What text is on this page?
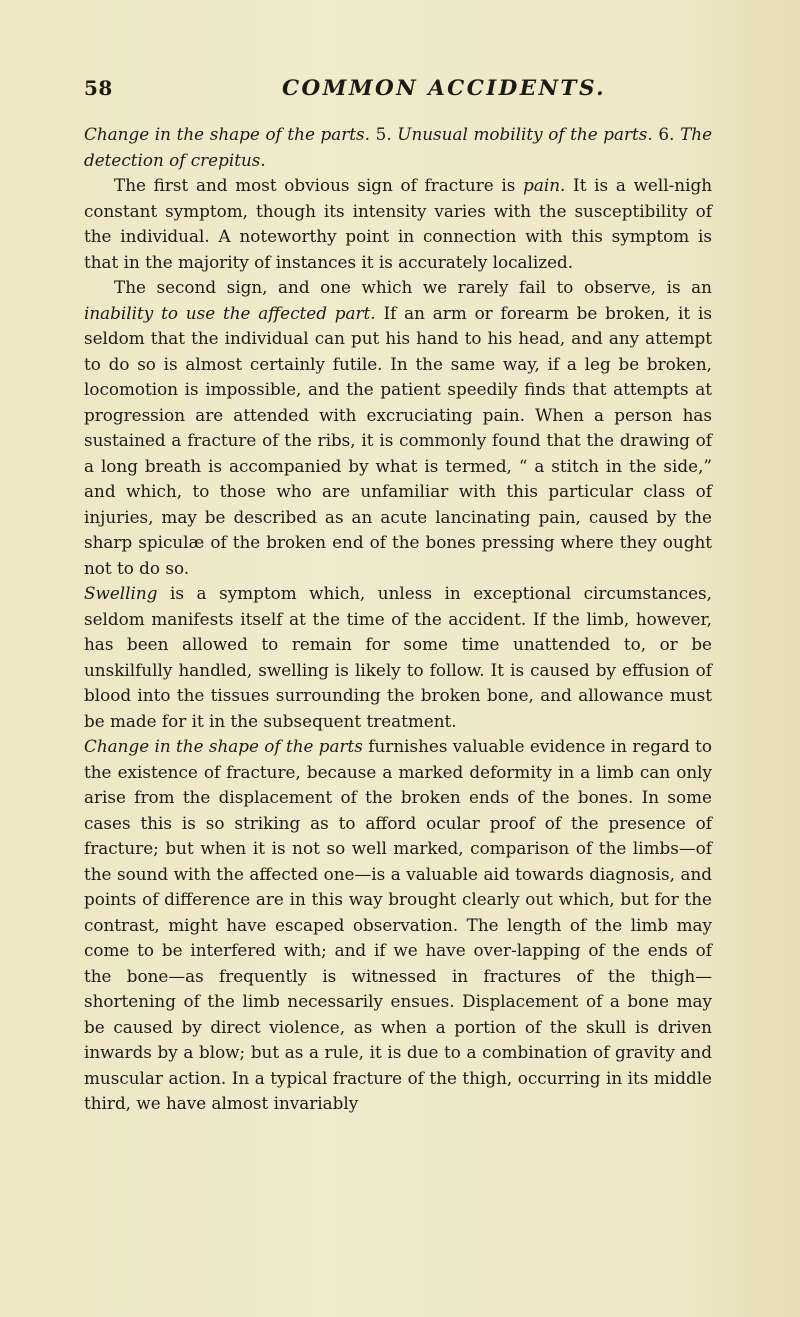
58	COMMON ACCIDENTS.

Change in the shape of the parts. 5. Unusual mobility of the parts. 6. The detection of crepitus.

The first and most obvious sign of fracture is pain. It is a well-nigh constant symptom, though its intensity varies with the susceptibility of the individual. A noteworthy point in connection with this symptom is that in the majority of instances it is accurately localized.

The second sign, and one which we rarely fail to observe, is an inability to use the affected part. If an arm or forearm be broken, it is seldom that the individual can put his hand to his head, and any attempt to do so is almost certainly futile. In the same way, if a leg be broken, locomotion is impossible, and the patient speedily finds that attempts at progression are attended with excruciating pain. When a person has sustained a fracture of the ribs, it is commonly found that the drawing of a long breath is accompanied by what is termed, “ a stitch in the side,” and which, to those who are unfamiliar with this particular class of injuries, may be described as an acute lancinating pain, caused by the sharp spiculæ of the broken end of the bones pressing where they ought not to do so.

Swelling is a symptom which, unless in exceptional circumstances, seldom manifests itself at the time of the accident. If the limb, however, has been allowed to remain for some time unattended to, or be unskilfully handled, swelling is likely to follow. It is caused by effusion of blood into the tissues surrounding the broken bone, and allowance must be made for it in the subsequent treatment.

Change in the shape of the parts furnishes valuable evidence in regard to the existence of fracture, because a marked deformity in a limb can only arise from the displacement of the broken ends of the bones. In some cases this is so striking as to afford ocular proof of the presence of fracture; but when it is not so well marked, comparison of the limbs—of the sound with the affected one—is a valuable aid towards diagnosis, and points of difference are in this way brought clearly out which, but for the contrast, might have escaped observation. The length of the limb may come to be interfered with; and if we have over-lapping of the ends of the bone—as frequently is witnessed in fractures of the thigh—shortening of the limb necessarily ensues. Displacement of a bone may be caused by direct violence, as when a portion of the skull is driven inwards by a blow; but as a rule, it is due to a combination of gravity and muscular action. In a typical fracture of the thigh, occurring in its middle third, we have almost invariably
